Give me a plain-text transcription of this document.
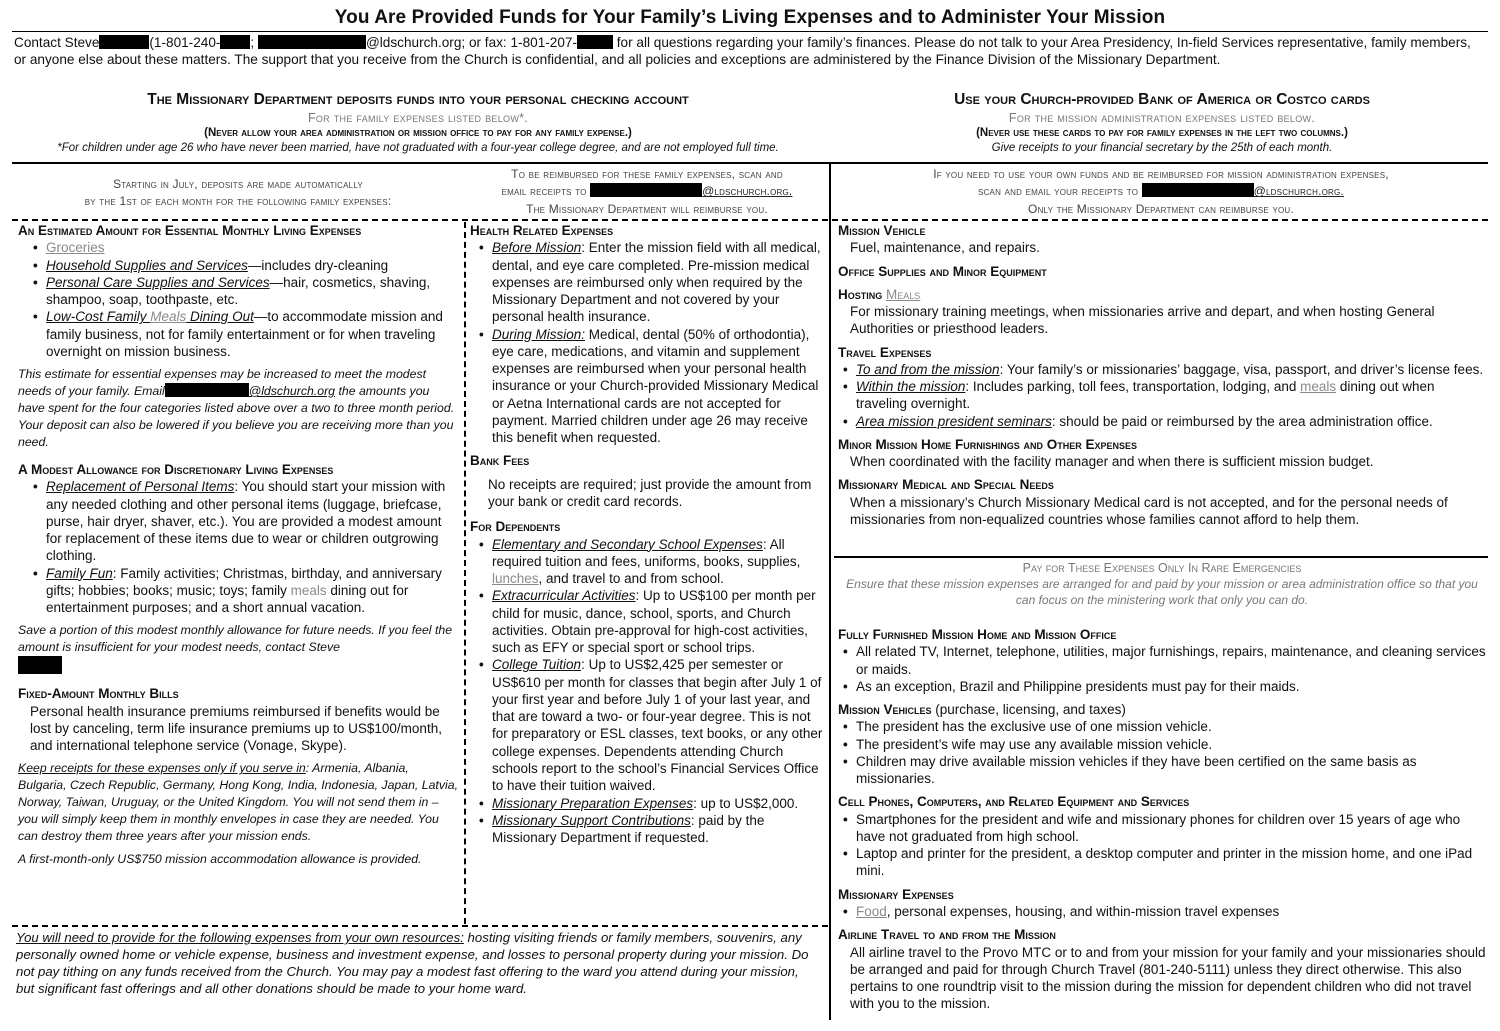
You Are Provided Funds for Your Family’s Living Expenses and to Administer Your Mission
Contact Steve	(1-801-240- ;	@ldschurch.org; or fax: 1-801-207-	for all questions regarding your family’s finances. Please do not talk to your Area Presidency, In-field Services representative, family members, or anyone else about these matters. The support that you receive from the Church is confidential, and all policies and exceptions are administered by the Finance Division of the Missionary Department.
The Missionary Department deposits funds into your personal checking account
For the family expenses listed below*.
(Never allow your area administration or mission office to pay for any family expense.)
*For children under age 26 who have never been married, have not graduated with a four-year college degree, and are not employed full time.
Use your Church-provided Bank of America or Costco cards
For the mission administration expenses listed below.
(Never use these cards to pay for family expenses in the left two columns.)
Give receipts to your financial secretary by the 25th of each month.
Starting in July, deposits are made automatically
by the 1st of each month for the following family expenses:
To be reimbursed for these family expenses, scan and
email receipts to	@ldschurch.org.
The Missionary Department will reimburse you.
If you need to use your own funds and be reimbursed for mission administration expenses,
scan and email your receipts to	@ldschurch.org.
Only the Missionary Department can reimburse you.
An Estimated Amount for Essential Monthly Living Expenses
• Groceries
• Household Supplies and Services—includes dry-cleaning
• Personal Care Supplies and Services—hair, cosmetics, shaving, shampoo, soap, toothpaste, etc.
• Low-Cost Family Meals Dining Out—to accommodate mission and family business, not for family entertainment or for when traveling overnight on mission business.
This estimate for essential expenses may be increased to meet the modest needs of your family. Email	@ldschurch.org the amounts you have spent for the four categories listed above over a two to three month period. Your deposit can also be lowered if you believe you are receiving more than you need.
A Modest Allowance for Discretionary Living Expenses
• Replacement of Personal Items: You should start your mission with any needed clothing and other personal items (luggage, briefcase, purse, hair dryer, shaver, etc.). You are provided a modest amount for replacement of these items due to wear or children outgrowing clothing.
• Family Fun: Family activities; Christmas, birthday, and anniversary gifts; hobbies; books; music; toys; family meals dining out for entertainment purposes; and a short annual vacation.
Save a portion of this modest monthly allowance for future needs. If you feel the amount is insufficient for your modest needs, contact Steve

Fixed-Amount Monthly Bills
Personal health insurance premiums reimbursed if benefits would be lost by canceling, term life insurance premiums up to US$100/month, and international telephone service (Vonage, Skype).
Keep receipts for these expenses only if you serve in: Armenia, Albania, Bulgaria, Czech Republic, Germany, Hong Kong, India, Indonesia, Japan, Latvia, Norway, Taiwan, Uruguay, or the United Kingdom. You will not send them in – you will simply keep them in monthly envelopes in case they are needed. You can destroy them three years after your mission ends.
A first-month-only US$750 mission accommodation allowance is provided.
Health Related Expenses
• Before Mission: Enter the mission field with all medical, dental, and eye care completed. Pre-mission medical expenses are reimbursed only when required by the Missionary Department and not covered by your personal health insurance.
• During Mission: Medical, dental (50% of orthodontia), eye care, medications, and vitamin and supplement expenses are reimbursed when your personal health insurance or your Church-provided Missionary Medical or Aetna International cards are not accepted for payment. Married children under age 26 may receive this benefit when requested.
Bank Fees
No receipts are required; just provide the amount from your bank or credit card records.
For Dependents
• Elementary and Secondary School Expenses: All required tuition and fees, uniforms, books, supplies, lunches, and travel to and from school.
• Extracurricular Activities: Up to US$100 per month per child for music, dance, school, sports, and Church activities. Obtain pre-approval for high-cost activities, such as EFY or special sport or school trips.
• College Tuition: Up to US$2,425 per semester or US$610 per month for classes that begin after July 1 of your first year and before July 1 of your last year, and that are toward a two- or four-year degree. This is not for preparatory or ESL classes, text books, or any other college expenses. Dependents attending Church schools report to the school’s Financial Services Office to have their tuition waived.
• Missionary Preparation Expenses: up to US$2,000.
• Missionary Support Contributions: paid by the Missionary Department if requested.
Mission Vehicle
Fuel, maintenance, and repairs.
Office Supplies and Minor Equipment
Hosting Meals
For missionary training meetings, when missionaries arrive and depart, and when hosting General Authorities or priesthood leaders.
Travel Expenses
• To and from the mission: Your family’s or missionaries’ baggage, visa, passport, and driver’s license fees.
• Within the mission: Includes parking, toll fees, transportation, lodging, and meals dining out when traveling overnight.
• Area mission president seminars: should be paid or reimbursed by the area administration office.
Minor Mission Home Furnishings and Other Expenses
When coordinated with the facility manager and when there is sufficient mission budget.
Missionary Medical and Special Needs
When a missionary’s Church Missionary Medical card is not accepted, and for the personal needs of missionaries from non-equalized countries whose families cannot afford to help them.
Pay for These Expenses Only In Rare Emergencies
Ensure that these mission expenses are arranged for and paid by your mission or area administration office so that you can focus on the ministering work that only you can do.
Fully Furnished Mission Home and Mission Office
• All related TV, Internet, telephone, utilities, major furnishings, repairs, maintenance, and cleaning services or maids.
• As an exception, Brazil and Philippine presidents must pay for their maids.
Mission Vehicles (purchase, licensing, and taxes)
• The president has the exclusive use of one mission vehicle.
• The president’s wife may use any available mission vehicle.
• Children may drive available mission vehicles if they have been certified on the same basis as missionaries.
Cell Phones, Computers, and Related Equipment and Services
• Smartphones for the president and wife and missionary phones for children over 15 years of age who have not graduated from high school.
• Laptop and printer for the president, a desktop computer and printer in the mission home, and one iPad mini.
Missionary Expenses
• Food, personal expenses, housing, and within-mission travel expenses
Airline Travel to and from the Mission
All airline travel to the Provo MTC or to and from your mission for your family and your missionaries should be arranged and paid for through Church Travel (801-240-5111) unless they direct otherwise. This also pertains to one roundtrip visit to the mission during the mission for dependent children who did not travel with you to the mission.
You will need to provide for the following expenses from your own resources: hosting visiting friends or family members, souvenirs, any personally owned home or vehicle expense, business and investment expense, and losses to personal property during your mission. Do not pay tithing on any funds received from the Church. You may pay a modest fast offering to the ward you attend during your mission, but significant fast offerings and all other donations should be made to your home ward.
